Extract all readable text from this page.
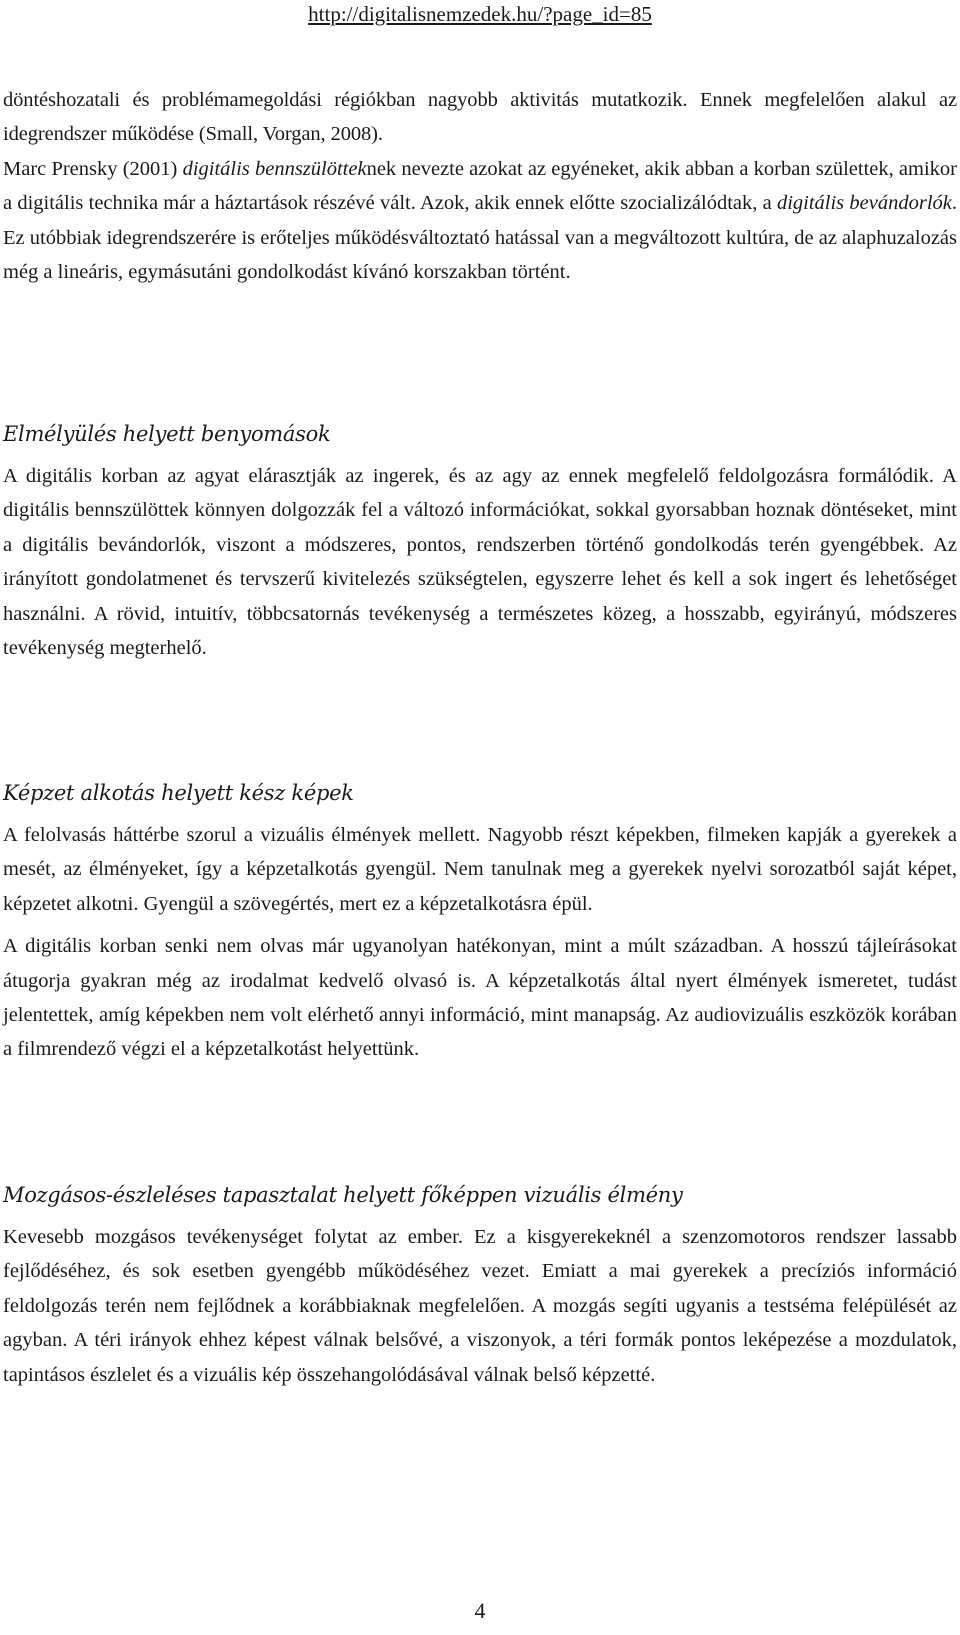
http://digitalisnemzedek.hu/?page_id=85

döntéshozatali és problémamegoldási régiókban nagyobb aktivitás mutatkozik. Ennek megfelelően alakul az idegrendszer működése (Small, Vorgan, 2008).

Marc Prensky (2001) digitális bennszülötteknek nevezte azokat az egyéneket, akik abban a korban születtek, amikor a digitális technika már a háztartások részévé vált. Azok, akik ennek előtte szocializálódtak, a digitális bevándorlók. Ez utóbbiak idegrendszerére is erőteljes működésváltoztató hatással van a megváltozott kultúra, de az alaphuzalozás még a lineáris, egymásutáni gondolkodást kívánó korszakban történt.

Elmélyülés helyett benyomások

A digitális korban az agyat elárasztják az ingerek, és az agy az ennek megfelelő feldolgozásra formálódik. A digitális bennszülöttek könnyen dolgozzák fel a változó információkat, sokkal gyorsabban hoznak döntéseket, mint a digitális bevándorlók, viszont a módszeres, pontos, rendszerben történő gondolkodás terén gyengébbek. Az irányított gondolatmenet és tervszerű kivitelezés szükségtelen, egyszerre lehet és kell a sok ingert és lehetőséget használni. A rövid, intuitív, többcsatornás tevékenység a természetes közeg, a hosszabb, egyirányú, módszeres tevékenység megterhelő.

Képzet alkotás helyett kész képek

A felolvasás háttérbe szorul a vizuális élmények mellett. Nagyobb részt képekben, filmeken kapják a gyerekek a mesét, az élményeket, így a képzetalkotás gyengül. Nem tanulnak meg a gyerekek nyelvi sorozatból saját képet, képzetet alkotni. Gyengül a szövegértés, mert ez a képzetalkotásra épül.

A digitális korban senki nem olvas már ugyanolyan hatékonyan, mint a múlt században. A hosszú tájleírásokat átugorja gyakran még az irodalmat kedvelő olvasó is. A képzetalkotás által nyert élmények ismeretet, tudást jelentettek, amíg képekben nem volt elérhető annyi információ, mint manapság. Az audiovizuális eszközök korában a filmrendező végzi el a képzetalkotást helyettünk.

Mozgásos-észleléses tapasztalat helyett főképpen vizuális élmény

Kevesebb mozgásos tevékenységet folytat az ember. Ez a kisgyerekeknél a szenzomotoros rendszer lassabb fejlődéséhez, és sok esetben gyengébb működéséhez vezet. Emiatt a mai gyerekek a precíziós információ feldolgozás terén nem fejlődnek a korábbiaknak megfelelően. A mozgás segíti ugyanis a testséma felépülését az agyban. A téri irányok ehhez képest válnak belsővé, a viszonyok, a téri formák pontos leképezése a mozdulatok, tapintásos észlelet és a vizuális kép összehangolódásával válnak belső képzetté.

4
